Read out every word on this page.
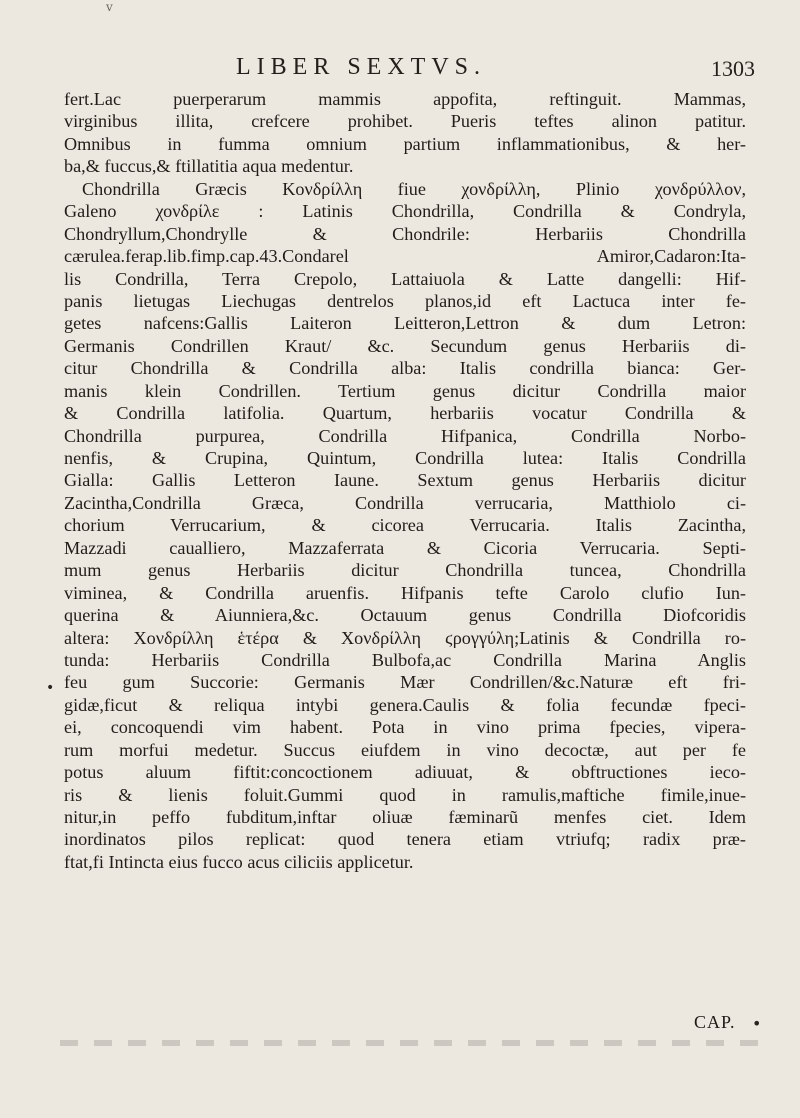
v
LIBER SEXTVS.	1303
fert.Lac puerperarum mammis appofita, reftinguit. Mammas,
virginibus illita, crefcere prohibet. Pueris teftes alinon patitur.
Omnibus in fumma omnium partium inflammationibus, & her-
ba,& fuccus,& ftillatitia aqua medentur.
Chondrilla Græcis Κονδρίλλη fiue χονδρίλλη, Plinio χονδρύλλον,
Galeno χονδρίλε : Latinis Chondrilla, Condrilla & Condryla,
Chondryllum,Chondrylle & Chondrile: Herbariis Chondrilla
cærulea.ferap.lib.fimp.cap.43.Condarel Amiror,Cadaron:Ita-
lis Condrilla, Terra Crepolo, Lattaiuola & Latte dangelli: Hif-
panis lietugas Liechugas dentrelos planos,id eft Lactuca inter fe-
getes nafcens:Gallis Laiteron Leitteron,Lettron & dum Letron:
Germanis Condrillen Kraut/ &c. Secundum genus Herbariis di-
citur Chondrilla & Condrilla alba: Italis condrilla bianca: Ger-
manis klein Condrillen. Tertium genus dicitur Condrilla maior
& Condrilla latifolia. Quartum, herbariis vocatur Condrilla &
Chondrilla purpurea, Condrilla Hifpanica, Condrilla Norbo-
nenfis, & Crupina, Quintum, Condrilla lutea: Italis Condrilla
Gialla: Gallis Letteron Iaune. Sextum genus Herbariis dicitur
Zacintha,Condrilla Græca, Condrilla verrucaria, Matthiolo ci-
chorium Verrucarium, & cicorea Verrucaria. Italis Zacintha,
Mazzadi caualliero, Mazzaferrata & Cicoria Verrucaria. Septi-
mum genus Herbariis dicitur Chondrilla tuncea, Chondrilla
viminea, & Condrilla aruenfis. Hifpanis tefte Carolo clufio Iun-
querina & Aiunniera,&c. Octauum genus Condrilla Diofcoridis
altera: Χονδρίλλη ἑτέρα & Χονδρίλλη ϛρογγύλη;Latinis & Condrilla ro-
tunda: Herbariis Condrilla Bulbofa,ac Condrilla Marina Anglis
feu gum Succorie: Germanis Mær Condrillen/&c.Naturæ eft fri-
gidæ,ficut & reliqua intybi genera.Caulis & folia fecundæ fpeci-
ei, concoquendi vim habent. Pota in vino prima fpecies, vipera-
rum morfui medetur. Succus eiufdem in vino decoctæ, aut per fe
potus aluum fiftit:concoctionem adiuuat, & obftructiones ieco-
ris & lienis foluit.Gummi quod in ramulis,maftiche fimile,inue-
nitur,in peffo fubditum,inftar oliuæ fæminarũ menfes ciet. Idem
inordinatos pilos replicat: quod tenera etiam vtriufq; radix præ-
ftat,fi Intincta eius fucco acus ciliciis applicetur.
CAP.
•
•
